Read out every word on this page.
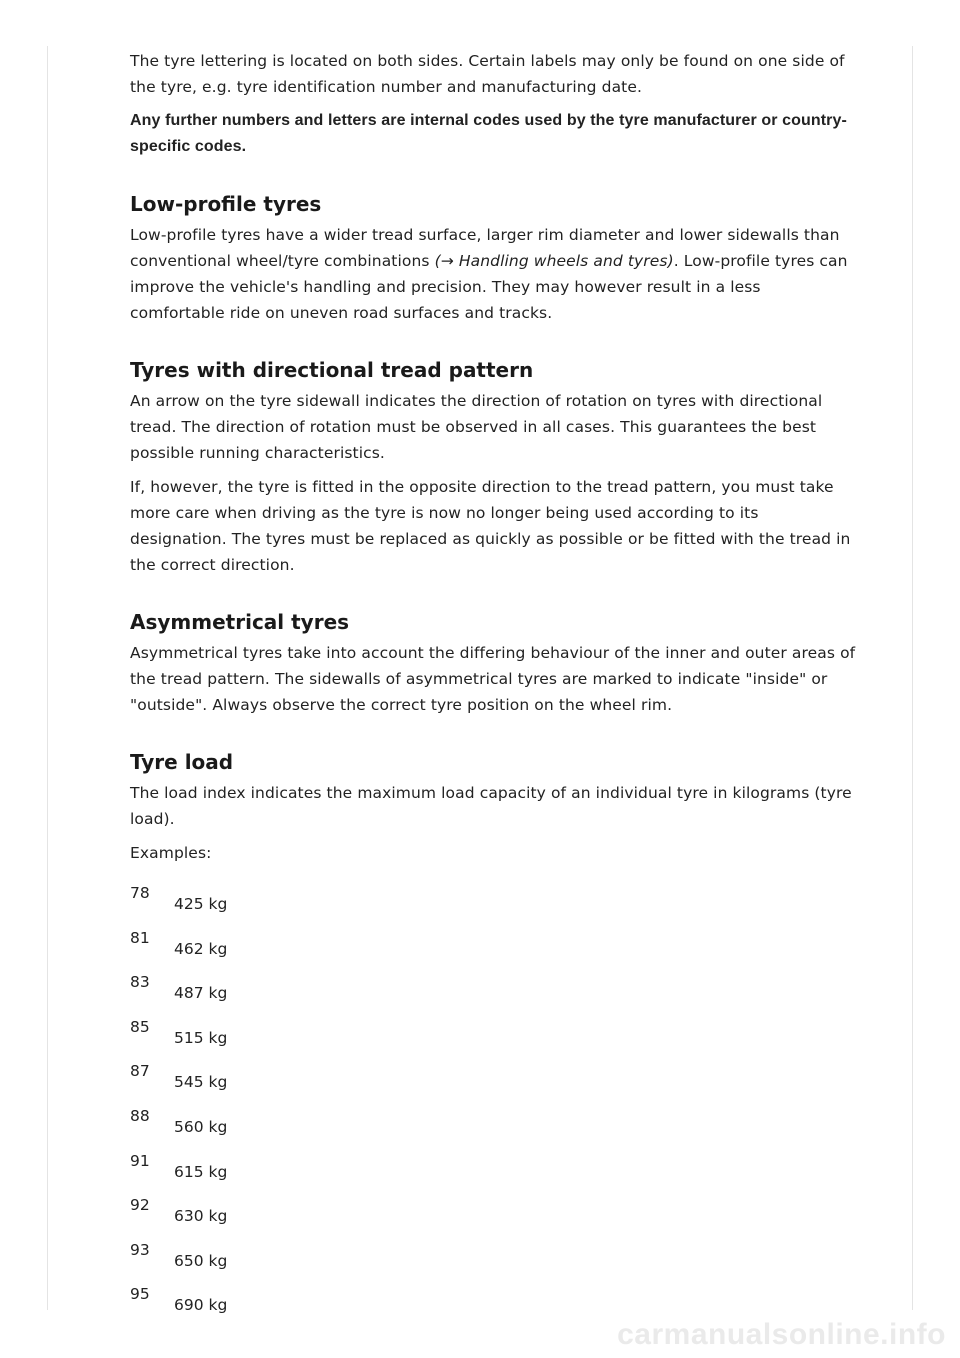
The tyre lettering is located on both sides. Certain labels may only be found on one side of the tyre, e.g. tyre identification number and manufacturing date.

Any further numbers and letters are internal codes used by the tyre manufacturer or country-specific codes.

Low-profile tyres

Low-profile tyres have a wider tread surface, larger rim diameter and lower sidewalls than conventional wheel/tyre combinations (→ Handling wheels and tyres). Low-profile tyres can improve the vehicle's handling and precision. They may however result in a less comfortable ride on uneven road surfaces and tracks.

Tyres with directional tread pattern

An arrow on the tyre sidewall indicates the direction of rotation on tyres with directional tread. The direction of rotation must be observed in all cases. This guarantees the best possible running characteristics.

If, however, the tyre is fitted in the opposite direction to the tread pattern, you must take more care when driving as the tyre is now no longer being used according to its designation. The tyres must be replaced as quickly as possible or be fitted with the tread in the correct direction.

Asymmetrical tyres

Asymmetrical tyres take into account the differing behaviour of the inner and outer areas of the tread pattern. The sidewalls of asymmetrical tyres are marked to indicate "inside" or "outside". Always observe the correct tyre position on the wheel rim.

Tyre load

The load index indicates the maximum load capacity of an individual tyre in kilograms (tyre load).

Examples:

78
425 kg
81
462 kg
83
487 kg
85
515 kg
87
545 kg
88
560 kg
91
615 kg
92
630 kg
93
650 kg
95
690 kg
carmanualsonline.info
